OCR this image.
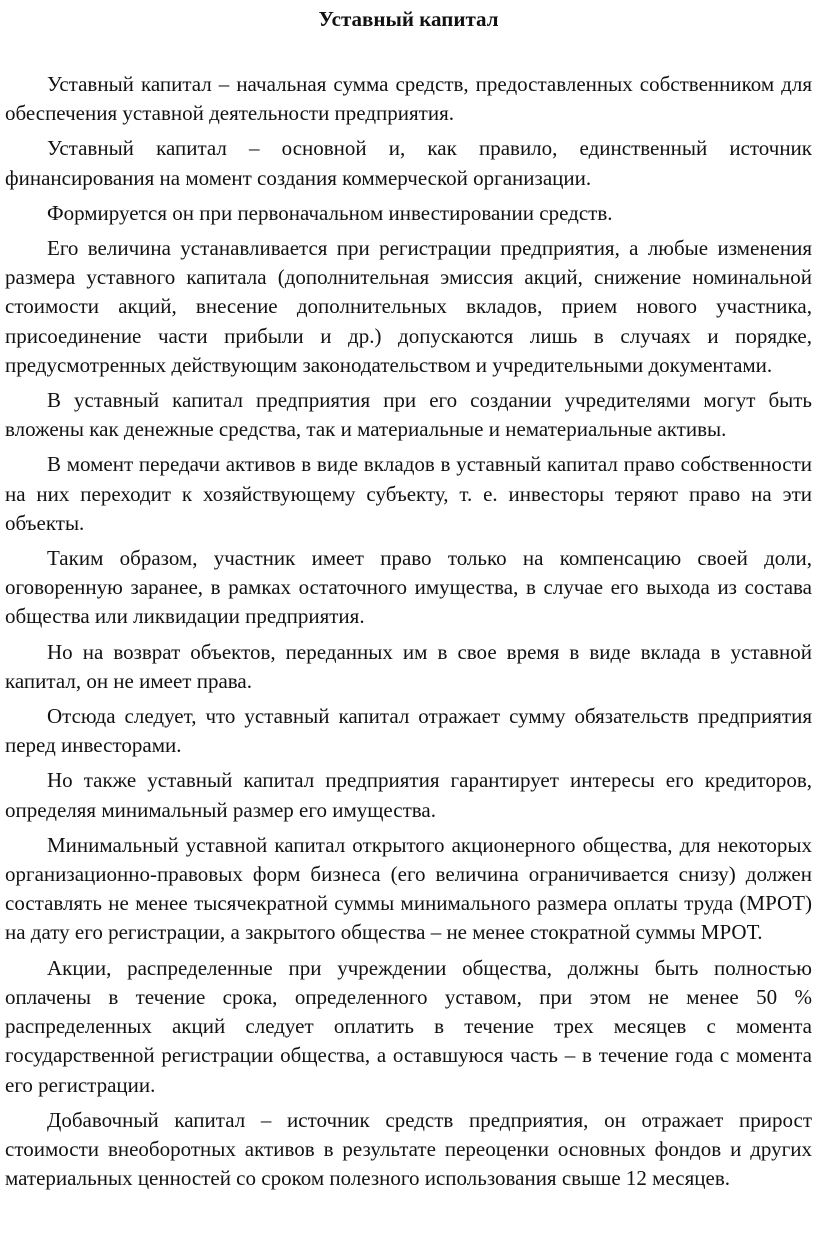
Уставный капитал

Уставный капитал – начальная сумма средств, предоставленных собственником для обеспечения уставной деятельности предприятия.

Уставный капитал – основной и, как правило, единственный источник финансирования на момент создания коммерческой организации.

Формируется он при первоначальном инвестировании средств.

Его величина устанавливается при регистрации предприятия, а любые изменения размера уставного капитала (дополнительная эмиссия акций, снижение номинальной стоимости акций, внесение дополнительных вкладов, прием нового участника, присоединение части прибыли и др.) допускаются лишь в случаях и порядке, предусмотренных действующим законодательством и учредительными документами.

В уставный капитал предприятия при его создании учредителями могут быть вложены как денежные средства, так и материальные и нематериальные активы.

В момент передачи активов в виде вкладов в уставный капитал право собственности на них переходит к хозяйствующему субъекту, т. е. инвесторы теряют право на эти объекты.

Таким образом, участник имеет право только на компенсацию своей доли, оговоренную заранее, в рамках остаточного имущества, в случае его выхода из состава общества или ликвидации предприятия.

Но на возврат объектов, переданных им в свое время в виде вклада в уставной капитал, он не имеет права.

Отсюда следует, что уставный капитал отражает сумму обязательств предприятия перед инвесторами.

Но также уставный капитал предприятия гарантирует интересы его кредиторов, определяя минимальный размер его имущества.

Минимальный уставной капитал открытого акционерного общества, для некоторых организационно-правовых форм бизнеса (его величина ограничивается снизу) должен составлять не менее тысячекратной суммы минимального размера оплаты труда (МРОТ) на дату его регистрации, а закрытого общества – не менее стократной суммы МРОТ.

Акции, распределенные при учреждении общества, должны быть полностью оплачены в течение срока, определенного уставом, при этом не менее 50 % распределенных акций следует оплатить в течение трех месяцев с момента государственной регистрации общества, а оставшуюся часть – в течение года с момента его регистрации.

Добавочный капитал – источник средств предприятия, он отражает прирост стоимости внеоборотных активов в результате переоценки основных фондов и других материальных ценностей со сроком полезного использования свыше 12 месяцев.
